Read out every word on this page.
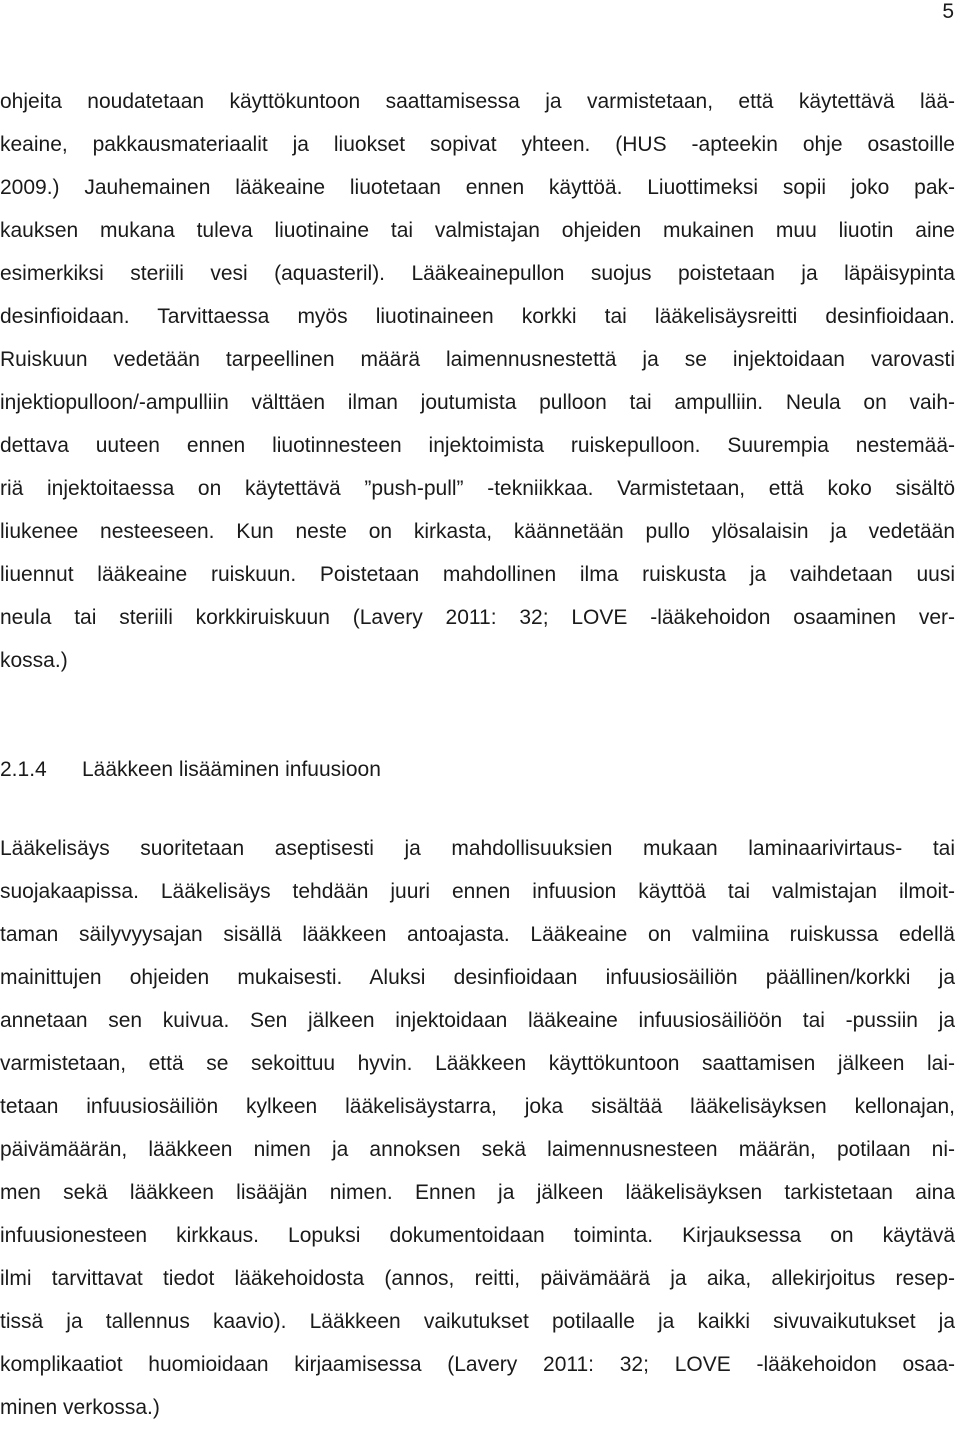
5
ohjeita noudatetaan käyttökuntoon saattamisessa ja varmistetaan, että käytettävä lää-
keaine, pakkausmateriaalit ja liuokset sopivat yhteen. (HUS -apteekin ohje osastoille
2009.) Jauhemainen lääkeaine liuotetaan ennen käyttöä. Liuottimeksi sopii joko pak-
kauksen mukana tuleva liuotinaine tai valmistajan ohjeiden mukainen muu liuotin aine
esimerkiksi steriili vesi (aquasteril). Lääkeainepullon suojus poistetaan ja läpäisypinta
desinfioidaan. Tarvittaessa myös liuotinaineen korkki tai lääkelisäysreitti desinfioidaan.
Ruiskuun vedetään tarpeellinen määrä laimennusnestettä ja se injektoidaan varovasti
injektiopulloon/-ampulliin välttäen ilman joutumista pulloon tai ampulliin. Neula on vaih-
dettava uuteen ennen liuotinnesteen injektoimista ruiskepulloon. Suurempia nestemää-
riä injektoitaessa on käytettävä ”push-pull” -tekniikkaa. Varmistetaan, että koko sisältö
liukenee nesteeseen. Kun neste on kirkasta, käännetään pullo ylösalaisin ja vedetään
liuennut lääkeaine ruiskuun. Poistetaan mahdollinen ilma ruiskusta ja vaihdetaan uusi
neula tai steriili korkkiruiskuun (Lavery 2011: 32; LOVE -lääkehoidon osaaminen ver-
kossa.)
2.1.4 Lääkkeen lisääminen infuusioon
Lääkelisäys suoritetaan aseptisesti ja mahdollisuuksien mukaan laminaarivirtaus- tai
suojakaapissa. Lääkelisäys tehdään juuri ennen infuusion käyttöä tai valmistajan ilmoit-
taman säilyvyysajan sisällä lääkkeen antoajasta. Lääkeaine on valmiina ruiskussa edellä
mainittujen ohjeiden mukaisesti. Aluksi desinfioidaan infuusiosäiliön päällinen/korkki ja
annetaan sen kuivua. Sen jälkeen injektoidaan lääkeaine infuusiosäiliöön tai -pussiin ja
varmistetaan, että se sekoittuu hyvin. Lääkkeen käyttökuntoon saattamisen jälkeen lai-
tetaan infuusiosäiliön kylkeen lääkelisäystarra, joka sisältää lääkelisäyksen kellonajan,
päivämäärän, lääkkeen nimen ja annoksen sekä laimennusnesteen määrän, potilaan ni-
men sekä lääkkeen lisääjän nimen. Ennen ja jälkeen lääkelisäyksen tarkistetaan aina
infuusionesteen kirkkaus. Lopuksi dokumentoidaan toiminta. Kirjauksessa on käytävä
ilmi tarvittavat tiedot lääkehoidosta (annos, reitti, päivämäärä ja aika, allekirjoitus resep-
tissä ja tallennus kaavio). Lääkkeen vaikutukset potilaalle ja kaikki sivuvaikutukset ja
komplikaatiot huomioidaan kirjaamisessa (Lavery 2011: 32; LOVE -lääkehoidon osaa-
minen verkossa.)
